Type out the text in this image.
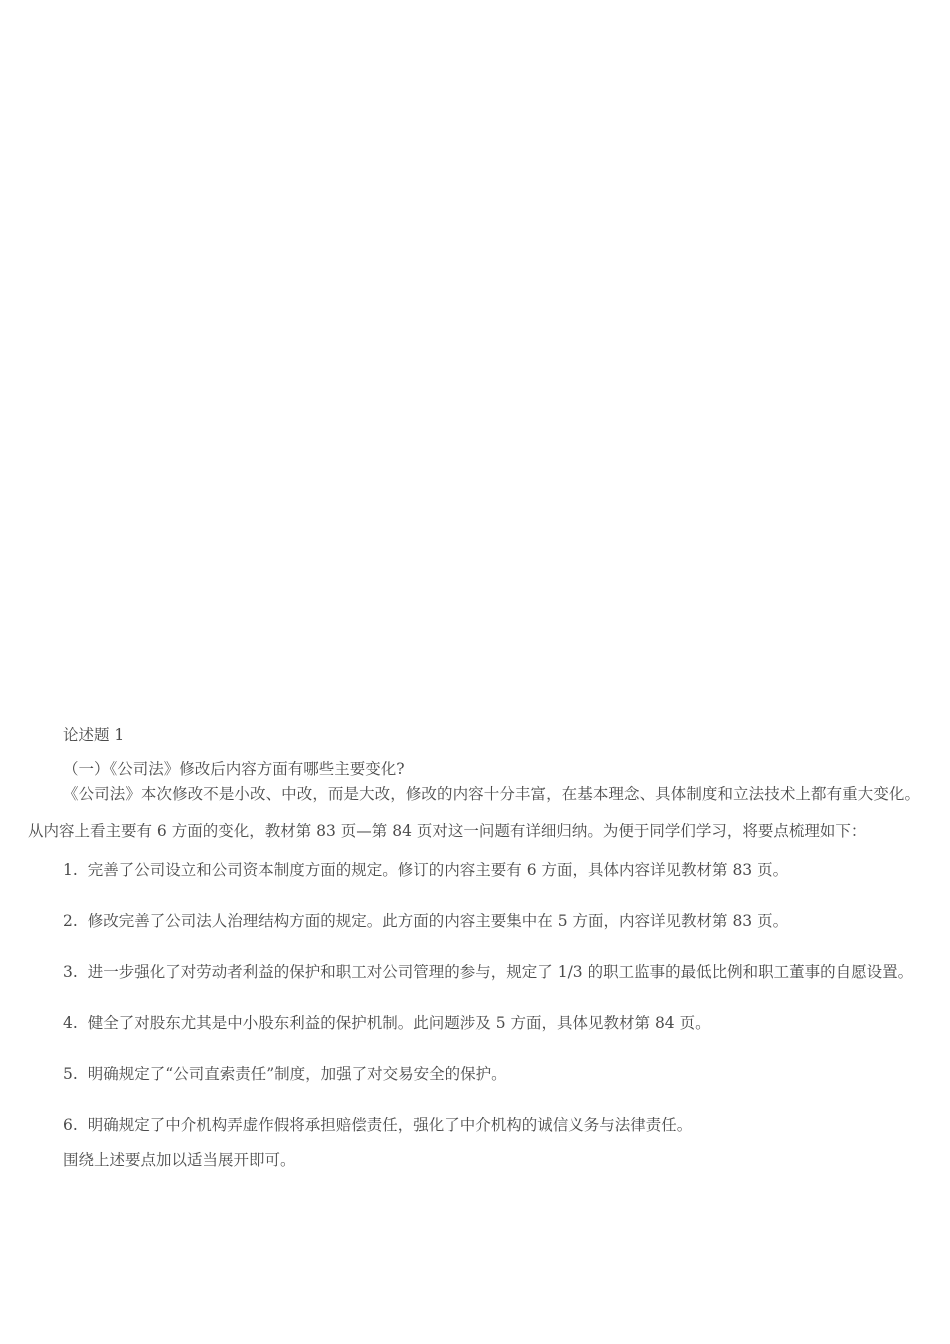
论述题 1

（一）《公司法》修改后内容方面有哪些主要变化?

《公司法》本次修改不是小改、中改，而是大改，修改的内容十分丰富，在基本理念、具体制度和立法技术上都有重大变化。从内容上看主要有 6 方面的变化，教材第 83 页—第 84 页对这一问题有详细归纳。为便于同学们学习，将要点梳理如下：

1. 完善了公司设立和公司资本制度方面的规定。修订的内容主要有 6 方面，具体内容详见教材第 83 页。

2. 修改完善了公司法人治理结构方面的规定。此方面的内容主要集中在 5 方面，内容详见教材第 83 页。

3. 进一步强化了对劳动者利益的保护和职工对公司管理的参与，规定了 1/3 的职工监事的最低比例和职工董事的自愿设置。

4. 健全了对股东尤其是中小股东利益的保护机制。此问题涉及 5 方面，具体见教材第 84 页。

5. 明确规定了“公司直索责任”制度，加强了对交易安全的保护。

6. 明确规定了中介机构弄虚作假将承担赔偿责任，强化了中介机构的诚信义务与法律责任。

围绕上述要点加以适当展开即可。
